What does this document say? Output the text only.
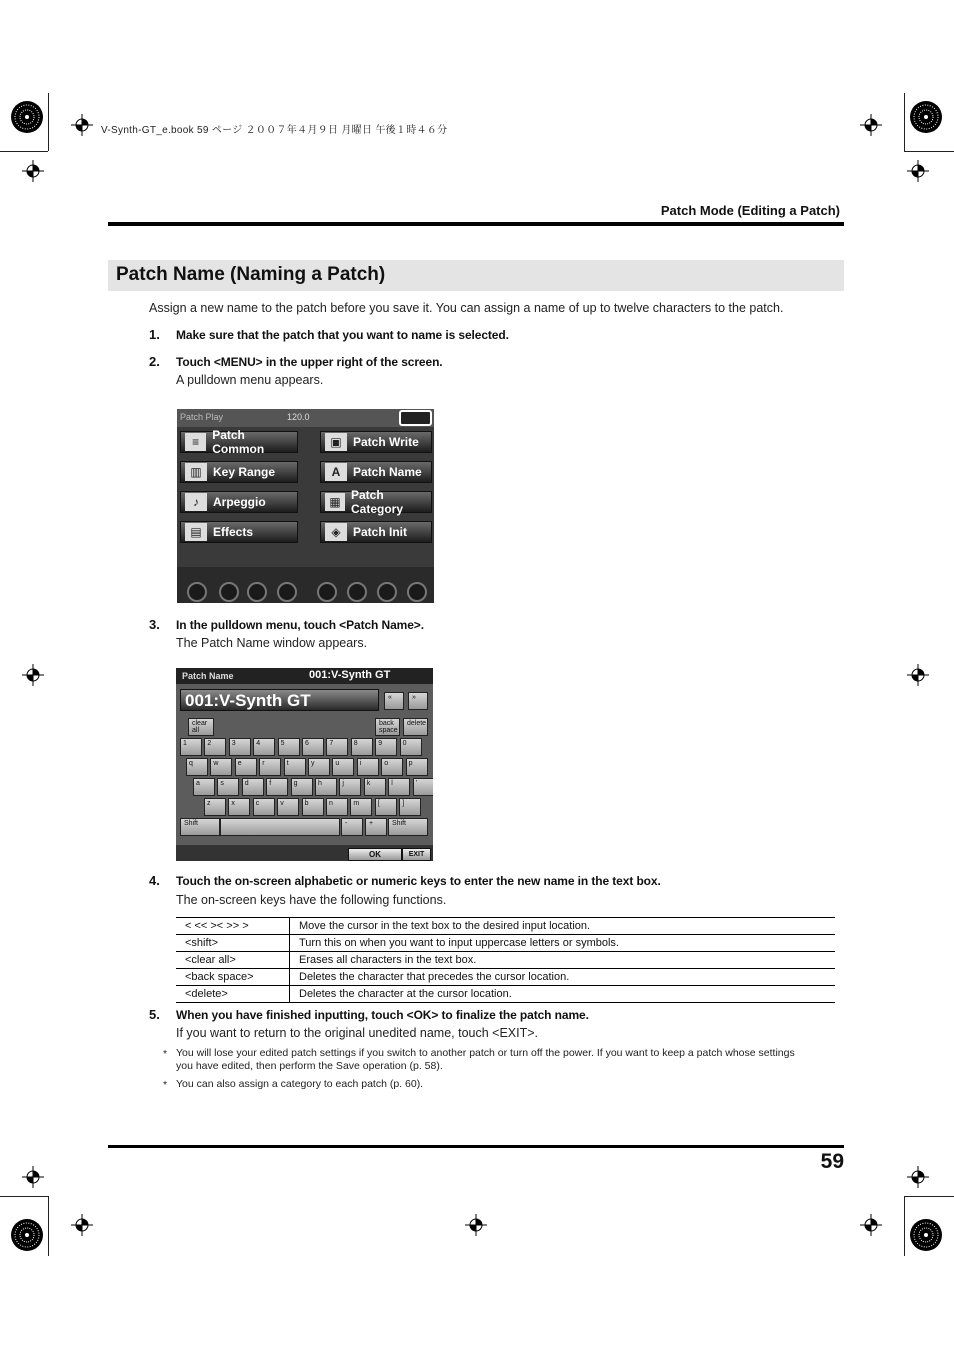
V-Synth-GT_e.book 59 ページ ２００７年４月９日 月曜日 午後１時４６分
Patch Mode (Editing a Patch)
Patch Name (Naming a Patch)
Assign a new name to the patch before you save it. You can assign a name of up to twelve characters to the patch.
1. Make sure that the patch that you want to name is selected.
2. Touch <MENU> in the upper right of the screen.
A pulldown menu appears.
Patch Play	120.0
≡	Patch Common
▥ Key Range
♪	Arpeggio
▤ Effects
▣ Patch Write
A	Patch Name
▦ Patch Category
◈	Patch Init
3. In the pulldown menu, touch <Patch Name>.
The Patch Name window appears.
Patch Name	001:V-Synth GT
001:V-Synth GT	«	»
clear all
back space
delete
1	2	3	4	5	6	7	8	9	0
q	w	e	r	t	y	u	i	o	p
a	s	d	f	g	h	j	k	l	'
z	x	c	v	b	n	m	[	]
Shift	-	+	Shift
OK	EXIT
4. Touch the on-screen alphabetic or numeric keys to enter the new name in the text box.
The on-screen keys have the following functions.
< << >< >> >	Move the cursor in the text box to the desired input location.
<shift>	Turn this on when you want to input uppercase letters or symbols.
<clear all>	Erases all characters in the text box.
<back space>	Deletes the character that precedes the cursor location.
<delete>	Deletes the character at the cursor location.
5. When you have finished inputting, touch <OK> to finalize the patch name.
If you want to return to the original unedited name, touch <EXIT>.
* You will lose your edited patch settings if you switch to another patch or turn off the power. If you want to keep a patch whose settings you have edited, then perform the Save operation (p. 58).
* You can also assign a category to each patch (p. 60).
59
